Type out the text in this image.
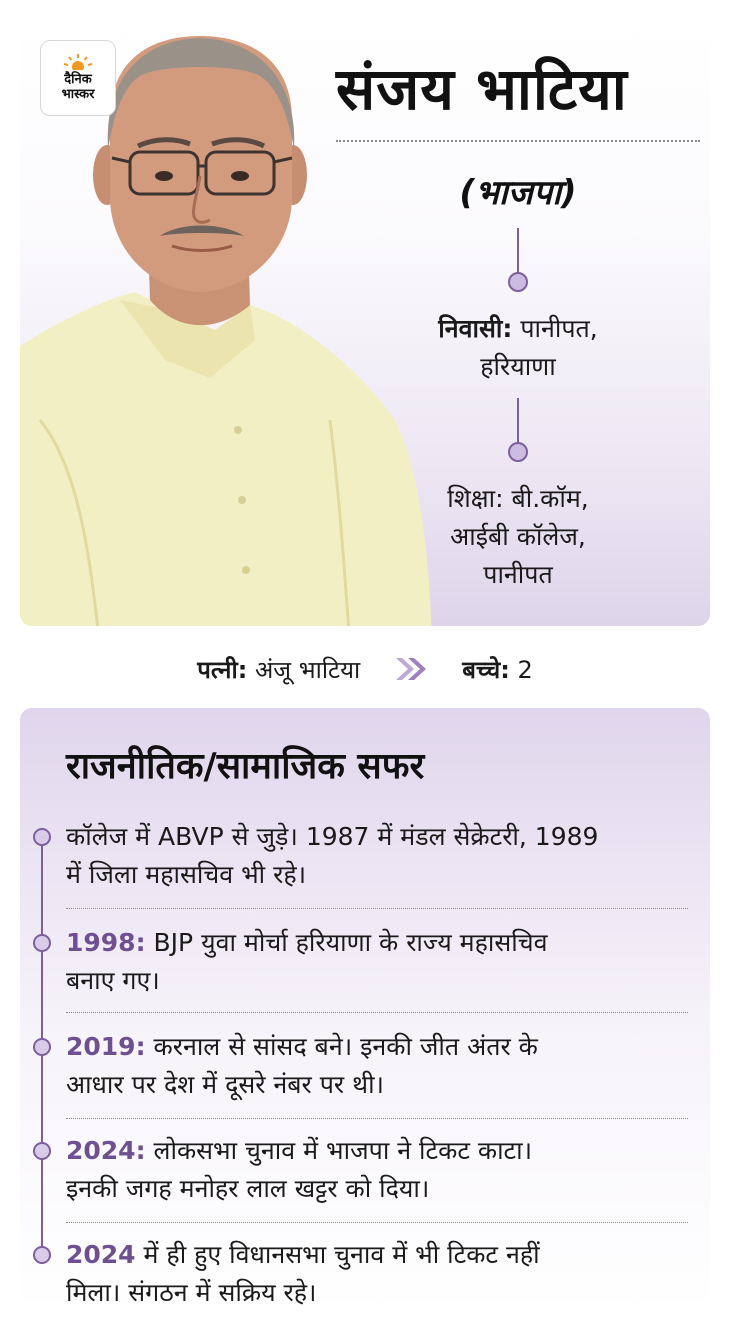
दैनिक
भास्कर	संजय भाटिया
(भाजपा)
निवासी: पानीपत,
हरियाणा
शिक्षा: बी.कॉम,
आईबी कॉलेज,
पानीपत
पत्नी: अंजू भाटिया	बच्चे: 2
राजनीतिक/सामाजिक सफर
कॉलेज में ABVP से जुड़े। 1987 में मंडल सेक्रेटरी, 1989
में जिला महासचिव भी रहे।
1998: BJP युवा मोर्चा हरियाणा के राज्य महासचिव
बनाए गए।
2019: करनाल से सांसद बने। इनकी जीत अंतर के
आधार पर देश में दूसरे नंबर पर थी।
2024: लोकसभा चुनाव में भाजपा ने टिकट काटा।
इनकी जगह मनोहर लाल खट्टर को दिया।
2024 में ही हुए विधानसभा चुनाव में भी टिकट नहीं
मिला। संगठन में सक्रिय रहे।
